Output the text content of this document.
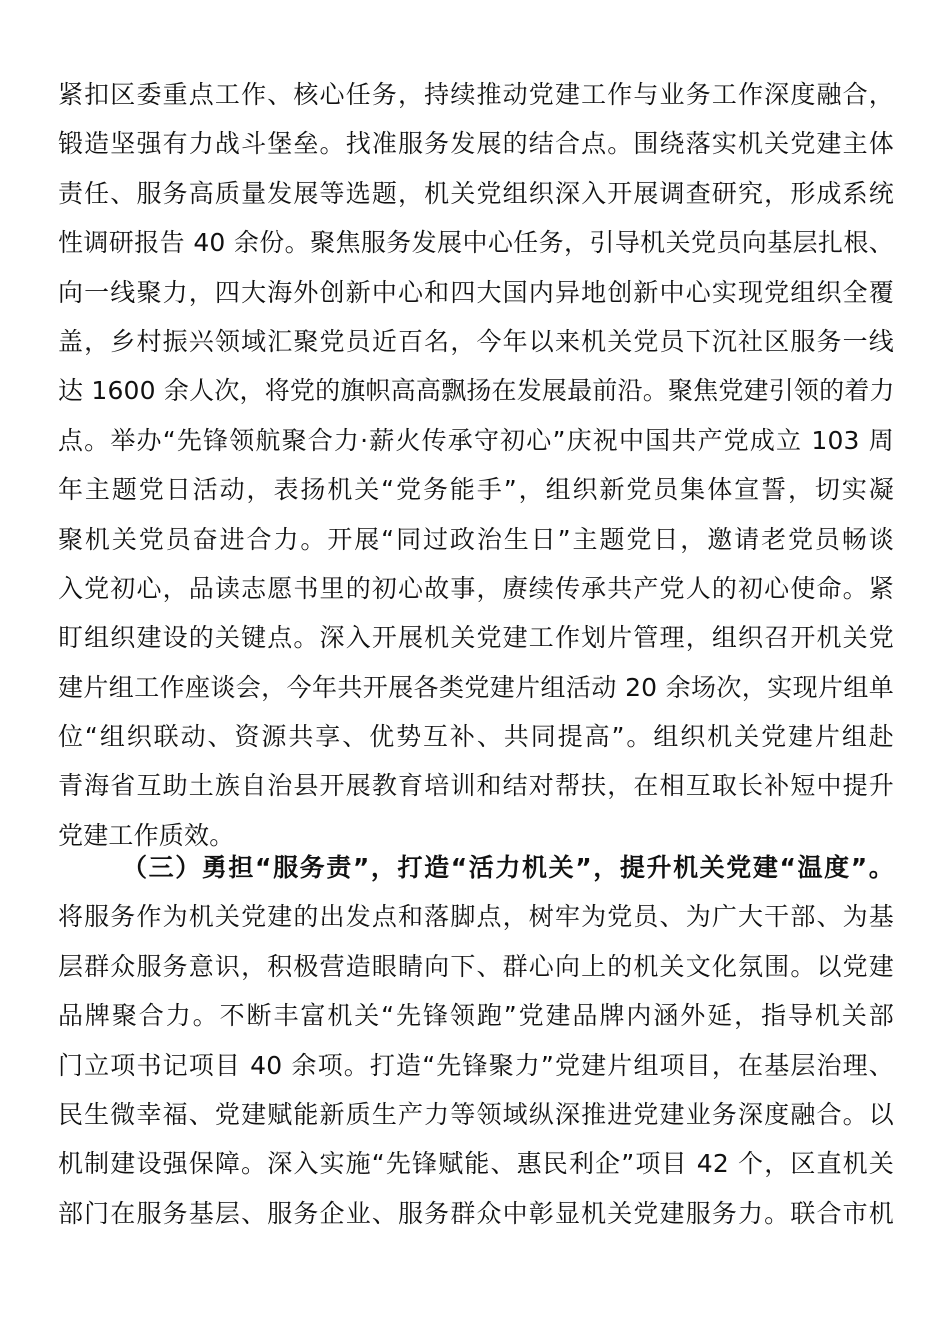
紧扣区委重点工作、核心任务，持续推动党建工作与业务工作深度融合，
锻造坚强有力战斗堡垒。找准服务发展的结合点。围绕落实机关党建主体
责任、服务高质量发展等选题，机关党组织深入开展调查研究，形成系统
性调研报告 40 余份。聚焦服务发展中心任务，引导机关党员向基层扎根、
向一线聚力，四大海外创新中心和四大国内异地创新中心实现党组织全覆
盖，乡村振兴领域汇聚党员近百名，今年以来机关党员下沉社区服务一线
达 1600 余人次，将党的旗帜高高飘扬在发展最前沿。聚焦党建引领的着力
点。举办“先锋领航聚合力·薪火传承守初心”庆祝中国共产党成立 103 周
年主题党日活动，表扬机关“党务能手”，组织新党员集体宣誓，切实凝
聚机关党员奋进合力。开展“同过政治生日”主题党日，邀请老党员畅谈
入党初心，品读志愿书里的初心故事，赓续传承共产党人的初心使命。紧
盯组织建设的关键点。深入开展机关党建工作划片管理，组织召开机关党
建片组工作座谈会，今年共开展各类党建片组活动 20 余场次，实现片组单
位“组织联动、资源共享、优势互补、共同提高”。组织机关党建片组赴
青海省互助土族自治县开展教育培训和结对帮扶，在相互取长补短中提升
党建工作质效。
（三）勇担“服务责”，打造“活力机关”，提升机关党建“温度”。
将服务作为机关党建的出发点和落脚点，树牢为党员、为广大干部、为基
层群众服务意识，积极营造眼睛向下、群心向上的机关文化氛围。以党建
品牌聚合力。不断丰富机关“先锋领跑”党建品牌内涵外延，指导机关部
门立项书记项目 40 余项。打造“先锋聚力”党建片组项目，在基层治理、
民生微幸福、党建赋能新质生产力等领域纵深推进党建业务深度融合。以
机制建设强保障。深入实施“先锋赋能、惠民利企”项目 42 个，区直机关
部门在服务基层、服务企业、服务群众中彰显机关党建服务力。联合市机
